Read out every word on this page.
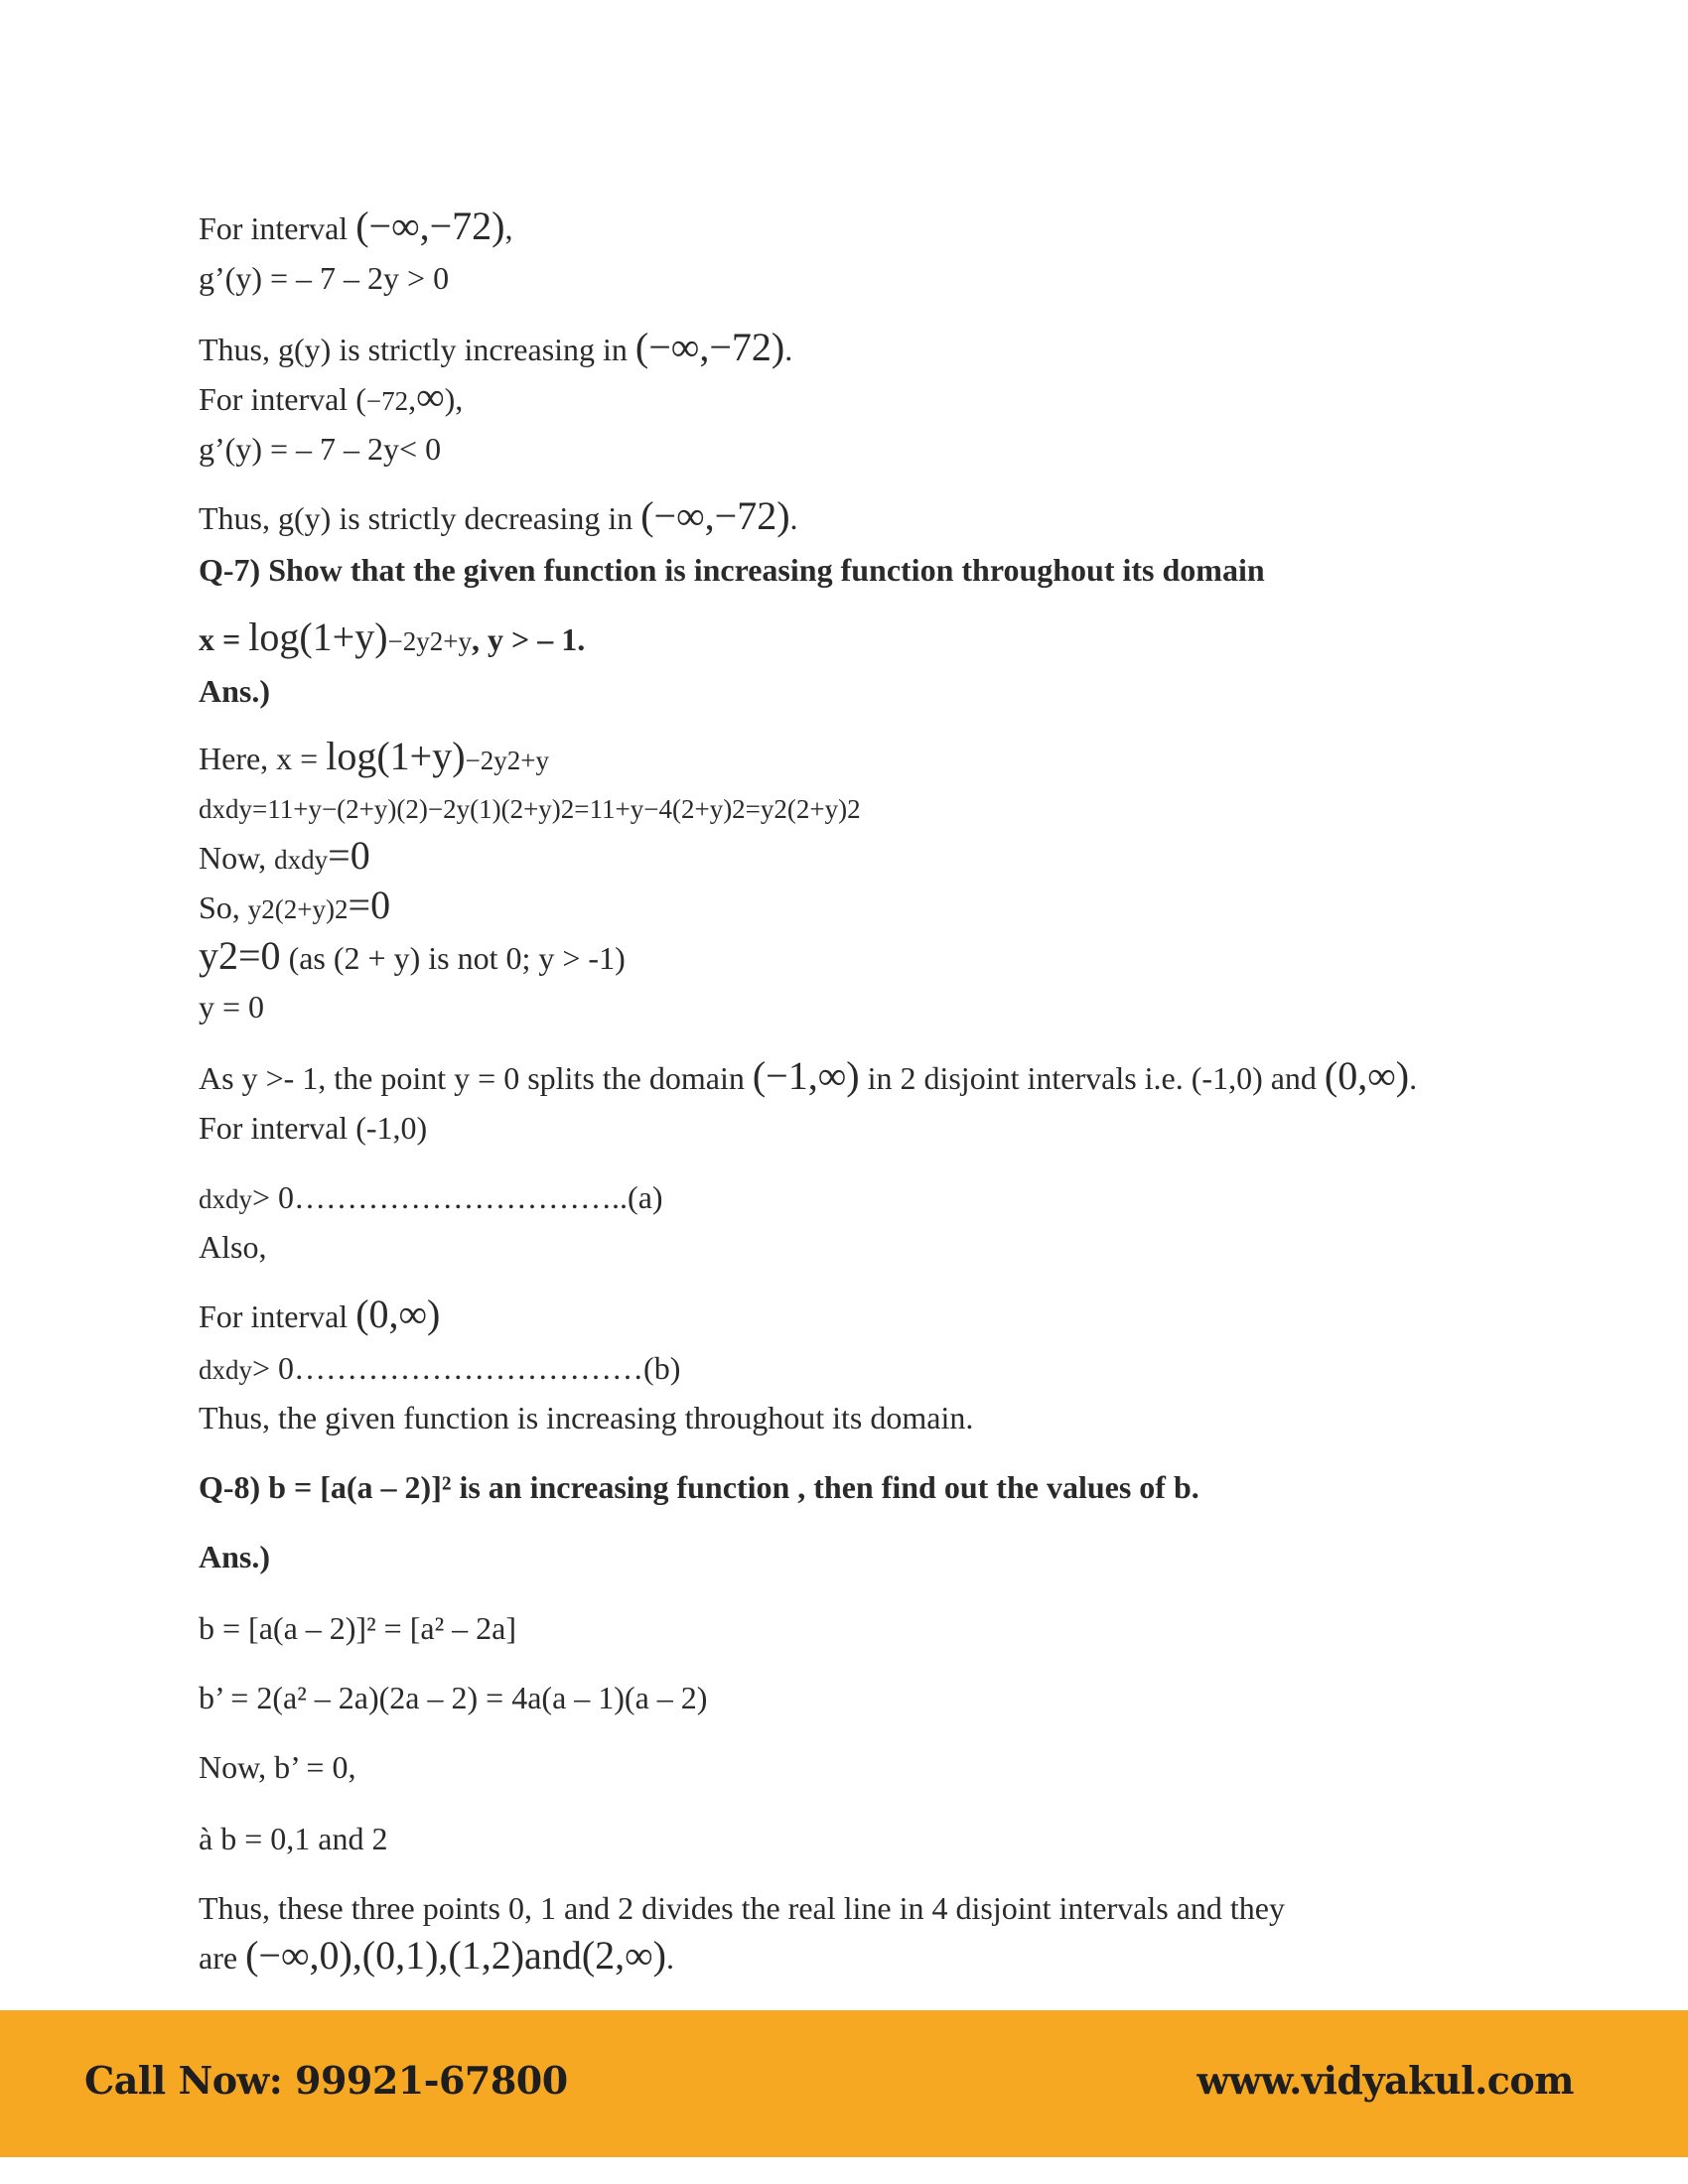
For interval (−∞,−72),
g’(y) = – 7 – 2y > 0
Thus, g(y) is strictly increasing in (−∞,−72).
For interval (−72,∞),
g’(y) = – 7 – 2y< 0
Thus, g(y) is strictly decreasing in (−∞,−72).
Q-7) Show that the given function is increasing function throughout its domain
x = log(1+y)−2y2+y, y > – 1.
Ans.)
Here, x = log(1+y)−2y2+y
dxdy=11+y−(2+y)(2)−2y(1)(2+y)2=11+y−4(2+y)2=y2(2+y)2
Now, dxdy=0
So, y2(2+y)2=0
y2=0 (as (2 + y) is not 0; y > -1)
y = 0
As y >- 1, the point y = 0 splits the domain (−1,∞) in 2 disjoint intervals i.e. (-1,0) and (0,∞).
For interval (-1,0)
dxdy> 0…………………………..(a)
Also,
For interval (0,∞)
dxdy> 0……………………………(b)
Thus, the given function is increasing throughout its domain.
Q-8) b = [a(a – 2)]² is an increasing function , then find out the values of b.
Ans.)
b = [a(a – 2)]² = [a² – 2a]
b’ = 2(a² – 2a)(2a – 2) = 4a(a – 1)(a – 2)
Now, b’ = 0,
à b = 0,1 and 2
Thus, these three points 0, 1 and 2 divides the real line in 4 disjoint intervals and they
are (−∞,0),(0,1),(1,2)and(2,∞).
Call Now: 99921-67800	www.vidyakul.com
